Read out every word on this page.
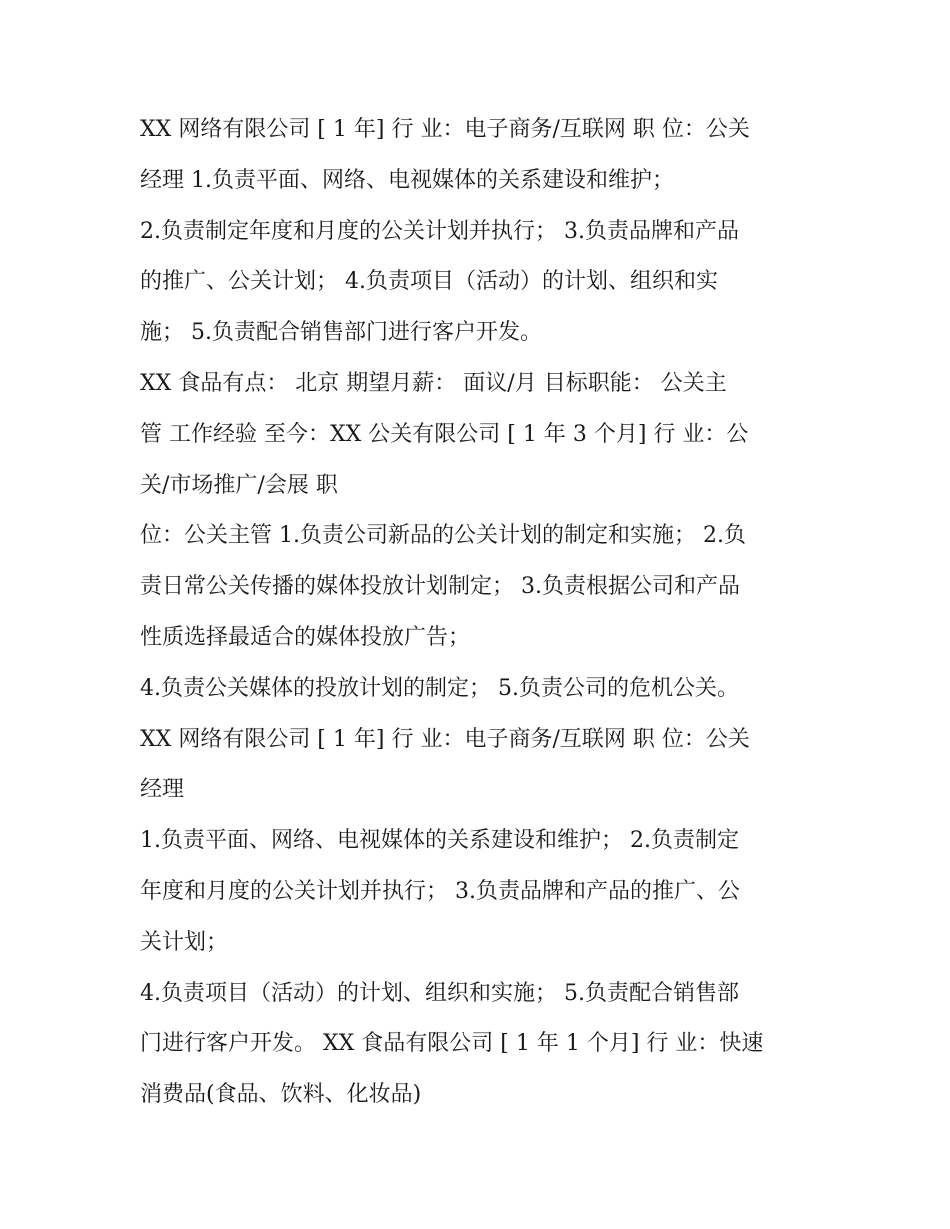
XX 网络有限公司 [ 1 年] 行 业：电子商务/互联网 职 位：公关

经理 1.负责平面、网络、电视媒体的关系建设和维护；

2.负责制定年度和月度的公关计划并执行； 3.负责品牌和产品

的推广、公关计划； 4.负责项目（活动）的计划、组织和实

施； 5.负责配合销售部门进行客户开发。

XX 食品有点： 北京 期望月薪： 面议/月 目标职能： 公关主

管 工作经验 至今：XX 公关有限公司 [ 1 年 3 个月] 行 业：公

关/市场推广/会展 职

位：公关主管 1.负责公司新品的公关计划的制定和实施； 2.负

责日常公关传播的媒体投放计划制定； 3.负责根据公司和产品

性质选择最适合的媒体投放广告；

4.负责公关媒体的投放计划的制定； 5.负责公司的危机公关。

XX 网络有限公司 [ 1 年] 行 业：电子商务/互联网 职 位：公关

经理

1.负责平面、网络、电视媒体的关系建设和维护； 2.负责制定

年度和月度的公关计划并执行； 3.负责品牌和产品的推广、公

关计划；

4.负责项目（活动）的计划、组织和实施； 5.负责配合销售部

门进行客户开发。 XX 食品有限公司 [ 1 年 1 个月] 行 业：快速

消费品(食品、饮料、化妆品)
